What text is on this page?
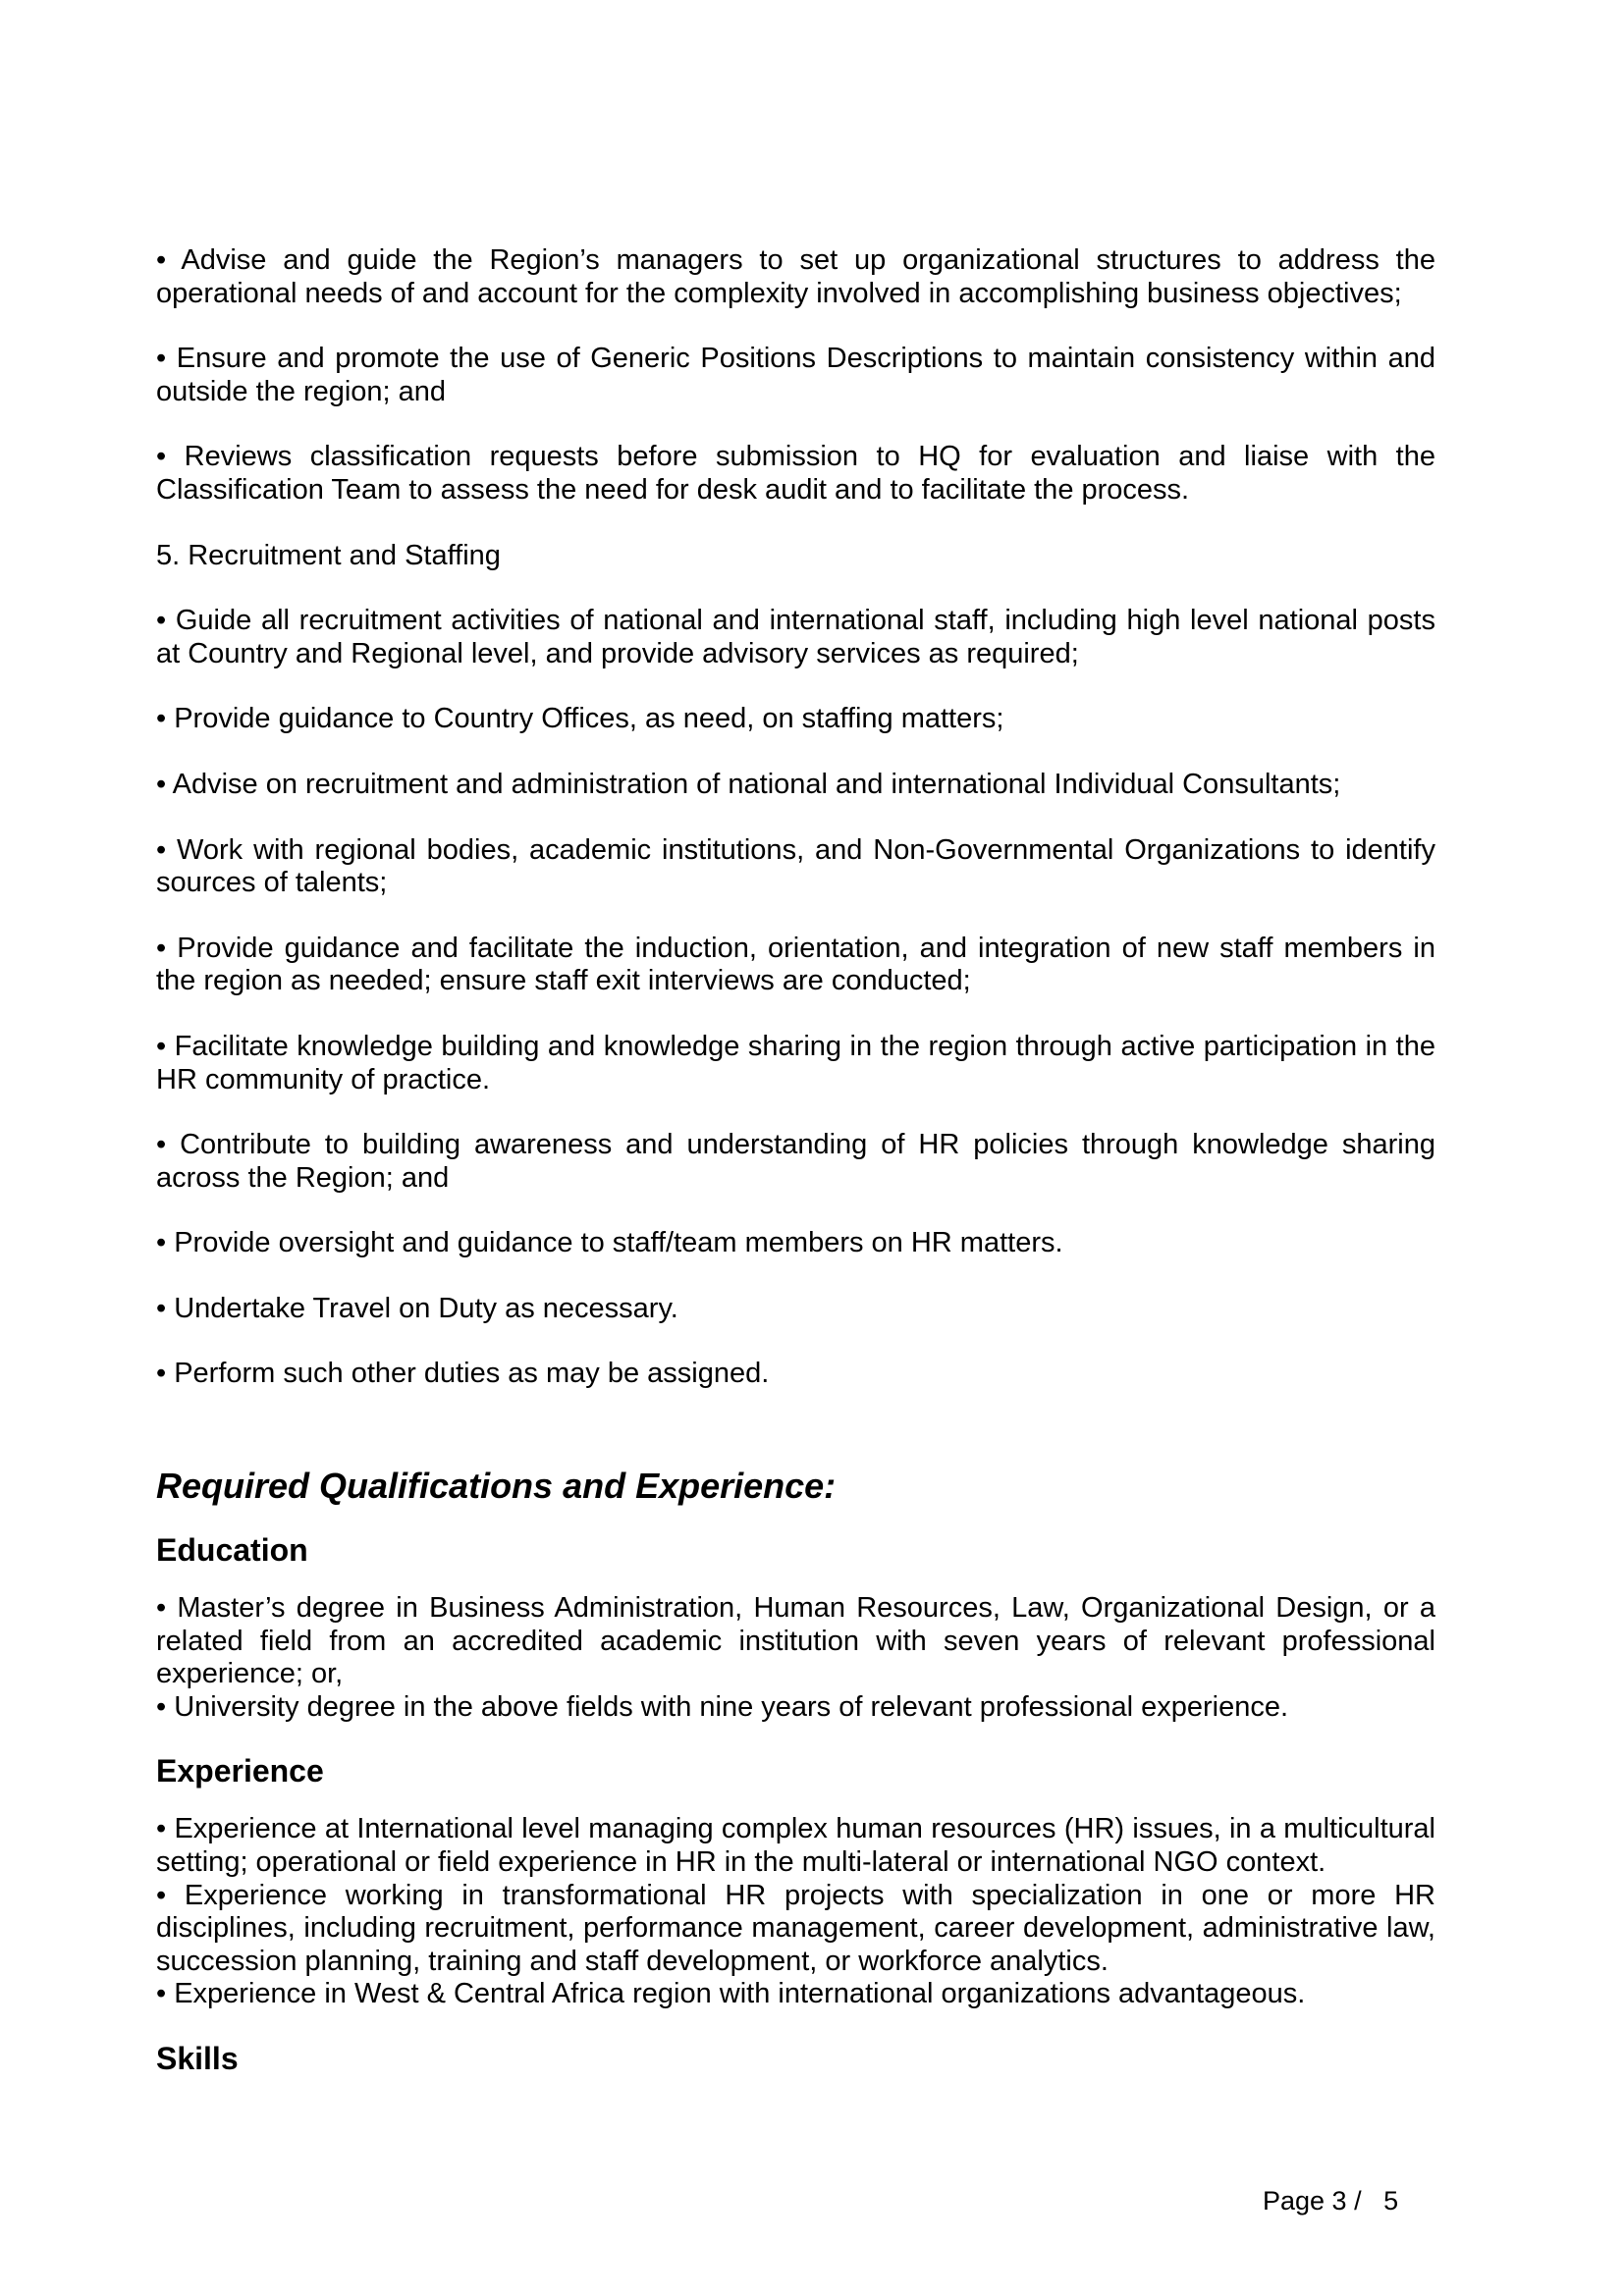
• Advise and guide the Region’s managers to set up organizational structures to address the operational needs of and account for the complexity involved in accomplishing business objectives;

• Ensure and promote the use of Generic Positions Descriptions to maintain consistency within and outside the region; and

• Reviews classification requests before submission to HQ for evaluation and liaise with the Classification Team to assess the need for desk audit and to facilitate the process.

5. Recruitment and Staffing

• Guide all recruitment activities of national and international staff, including high level national posts at Country and Regional level, and provide advisory services as required;

• Provide guidance to Country Offices, as need, on staffing matters;

• Advise on recruitment and administration of national and international Individual Consultants;

• Work with regional bodies, academic institutions, and Non-Governmental Organizations to identify sources of talents;

• Provide guidance and facilitate the induction, orientation, and integration of new staff members in the region as needed; ensure staff exit interviews are conducted;

• Facilitate knowledge building and knowledge sharing in the region through active participation in the HR community of practice.

• Contribute to building awareness and understanding of HR policies through knowledge sharing across the Region; and

• Provide oversight and guidance to staff/team members on HR matters.

• Undertake Travel on Duty as necessary.

• Perform such other duties as may be assigned.

Required Qualifications and Experience:
Education

• Master’s degree in Business Administration, Human Resources, Law, Organizational Design, or a related field from an accredited academic institution with seven years of relevant professional experience; or,

• University degree in the above fields with nine years of relevant professional experience.

Experience

• Experience at International level managing complex human resources (HR) issues, in a multicultural setting; operational or field experience in HR in the multi-lateral or international NGO context.

• Experience working in transformational HR projects with specialization in one or more HR disciplines, including recruitment, performance management, career development, administrative law, succession planning, training and staff development, or workforce analytics.

• Experience in West & Central Africa region with international organizations advantageous.

Skills
Page 3 /   5
